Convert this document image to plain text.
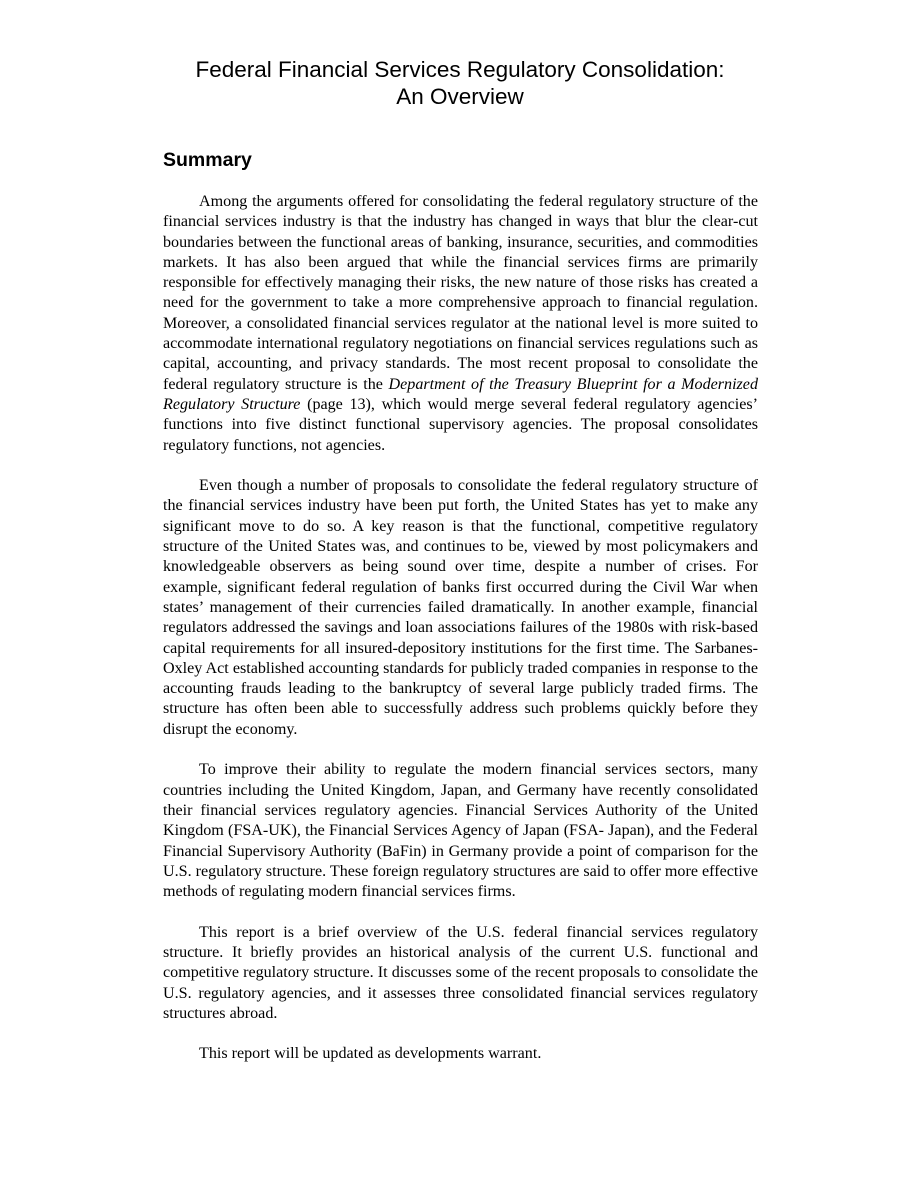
Federal Financial Services Regulatory Consolidation:
An Overview
Summary

Among the arguments offered for consolidating the federal regulatory structure of the financial services industry is that the industry has changed in ways that blur the clear-cut boundaries between the functional areas of banking, insurance, securities, and commodities markets. It has also been argued that while the financial services firms are primarily responsible for effectively managing their risks, the new nature of those risks has created a need for the government to take a more comprehensive approach to financial regulation. Moreover, a consolidated financial services regulator at the national level is more suited to accommodate international regulatory negotiations on financial services regulations such as capital, accounting, and privacy standards. The most recent proposal to consolidate the federal regulatory structure is the Department of the Treasury Blueprint for a Modernized Regulatory Structure (page 13), which would merge several federal regulatory agencies’ functions into five distinct functional supervisory agencies. The proposal consolidates regulatory functions, not agencies.

Even though a number of proposals to consolidate the federal regulatory structure of the financial services industry have been put forth, the United States has yet to make any significant move to do so. A key reason is that the functional, competitive regulatory structure of the United States was, and continues to be, viewed by most policymakers and knowledgeable observers as being sound over time, despite a number of crises. For example, significant federal regulation of banks first occurred during the Civil War when states’ management of their currencies failed dramatically. In another example, financial regulators addressed the savings and loan associations failures of the 1980s with risk-based capital requirements for all insured-depository institutions for the first time. The Sarbanes-Oxley Act established accounting standards for publicly traded companies in response to the accounting frauds leading to the bankruptcy of several large publicly traded firms. The structure has often been able to successfully address such problems quickly before they disrupt the economy.

To improve their ability to regulate the modern financial services sectors, many countries including the United Kingdom, Japan, and Germany have recently consolidated their financial services regulatory agencies. Financial Services Authority of the United Kingdom (FSA-UK), the Financial Services Agency of Japan (FSA- Japan), and the Federal Financial Supervisory Authority (BaFin) in Germany provide a point of comparison for the U.S. regulatory structure. These foreign regulatory structures are said to offer more effective methods of regulating modern financial services firms.

This report is a brief overview of the U.S. federal financial services regulatory structure. It briefly provides an historical analysis of the current U.S. functional and competitive regulatory structure. It discusses some of the recent proposals to consolidate the U.S. regulatory agencies, and it assesses three consolidated financial services regulatory structures abroad.

This report will be updated as developments warrant.
